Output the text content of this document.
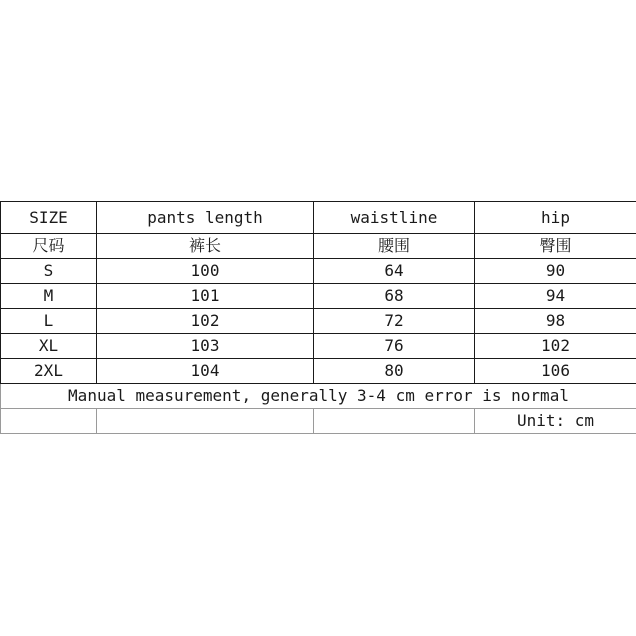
SIZE	pants length	waistline	hip
尺码	裤长	腰围	臀围
S	100	64	90
M	101	68	94
L	102	72	98
XL	103	76	102
2XL	104	80	106
Manual measurement, generally 3-4 cm error is normal			
			Unit: cm
